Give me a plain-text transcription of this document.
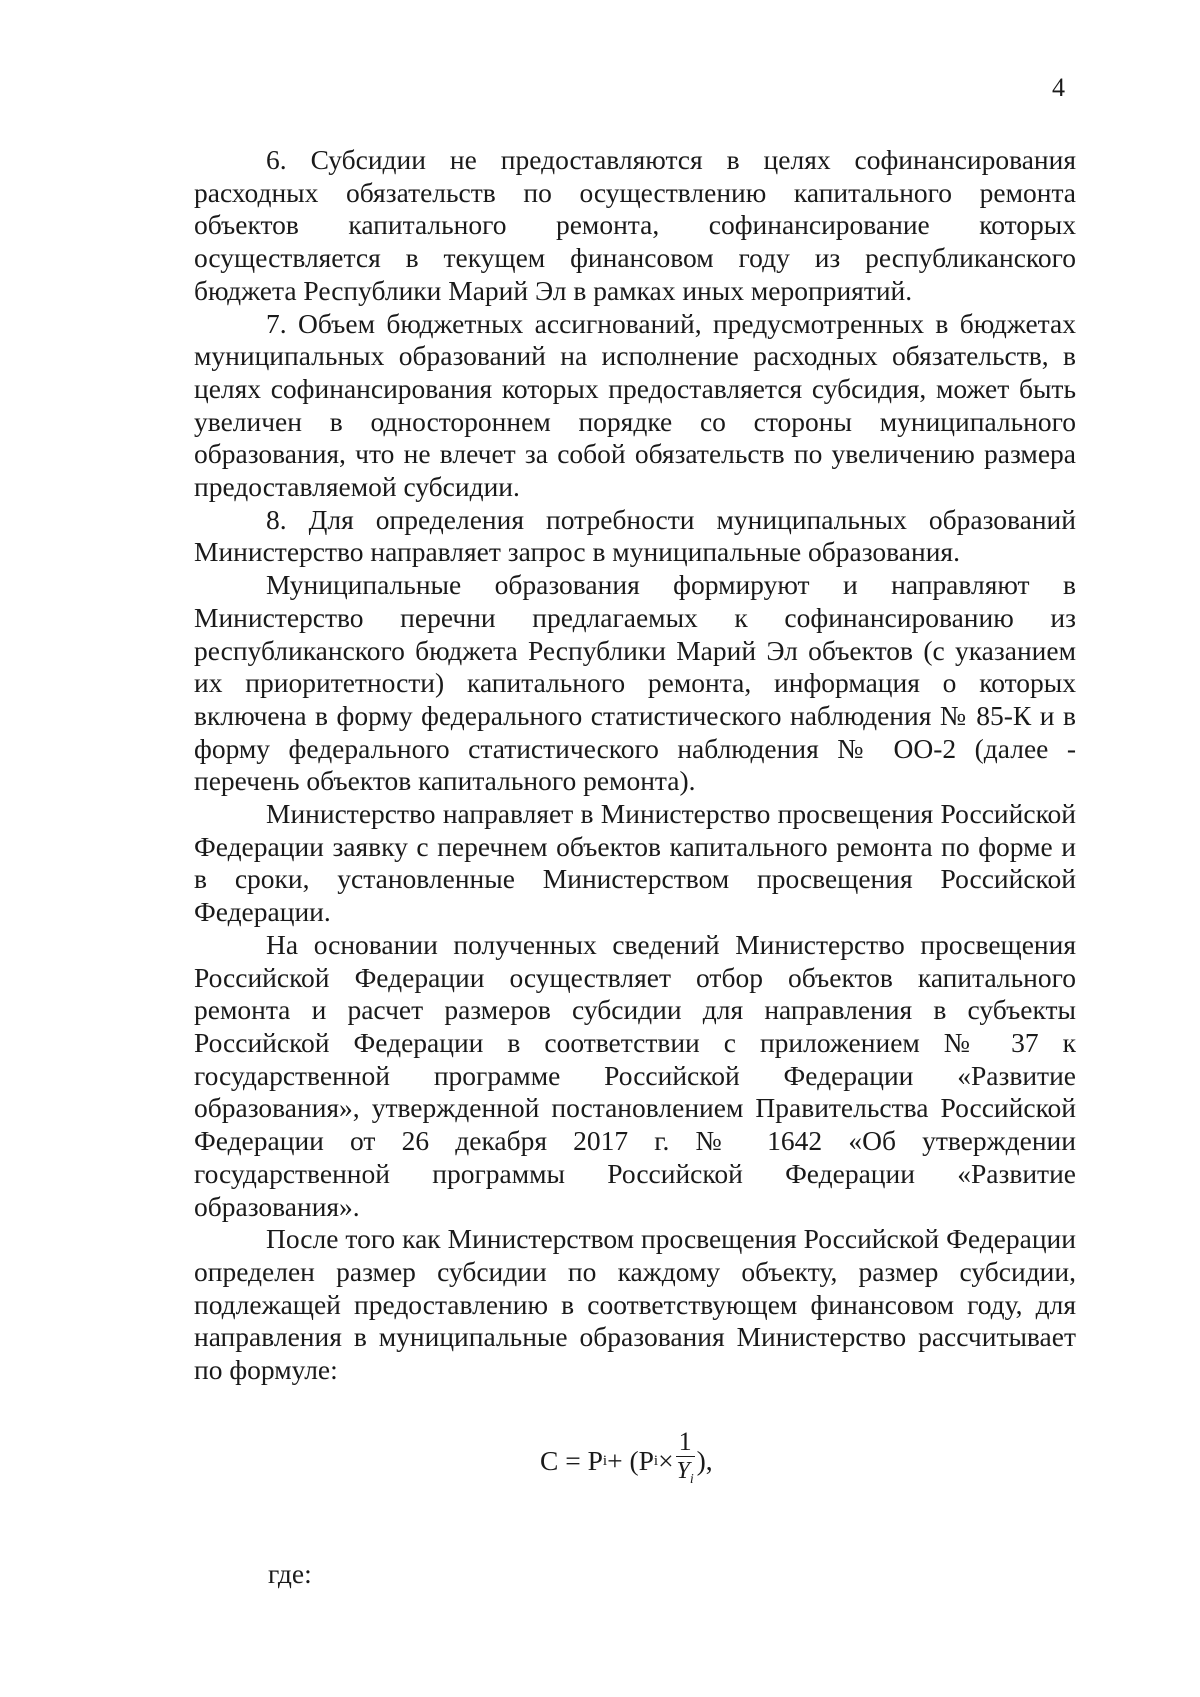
4

6. Субсидии не предоставляются в целях софинансирования расходных обязательств по осуществлению капитального ремонта объектов капитального ремонта, софинансирование которых осуществляется в текущем финансовом году из республиканского бюджета Республики Марий Эл в рамках иных мероприятий.

7. Объем бюджетных ассигнований, предусмотренных в бюджетах муниципальных образований на исполнение расходных обязательств, в целях софинансирования которых предоставляется субсидия, может быть увеличен в одностороннем порядке со стороны муниципального образования, что не влечет за собой обязательств по увеличению размера предоставляемой субсидии.

8. Для определения потребности муниципальных образований Министерство направляет запрос в муниципальные образования.

Муниципальные образования формируют и направляют в Министерство перечни предлагаемых к софинансированию из республиканского бюджета Республики Марий Эл объектов (с указанием их приоритетности) капитального ремонта, информация о которых включена в форму федерального статистического наблюдения № 85-К и в форму федерального статистического наблюдения № ОО-2 (далее - перечень объектов капитального ремонта).

Министерство направляет в Министерство просвещения Российской Федерации заявку с перечнем объектов капитального ремонта по форме и в сроки, установленные Министерством просвещения Российской Федерации.

На основании полученных сведений Министерство просвещения Российской Федерации осуществляет отбор объектов капитального ремонта и расчет размеров субсидии для направления в субъекты Российской Федерации в соответствии с приложением № 37 к государственной программе Российской Федерации «Развитие образования», утвержденной постановлением Правительства Российской Федерации от 26 декабря 2017 г. № 1642 «Об утверждении государственной программы Российской Федерации «Развитие образования».

После того как Министерством просвещения Российской Федерации определен размер субсидии по каждому объекту, размер субсидии, подлежащей предоставлению в соответствующем финансовом году, для направления в муниципальные образования Министерство рассчитывает по формуле:

С = Р i + (Р $i \times \frac{1}{Y_i}$ ),
где:
